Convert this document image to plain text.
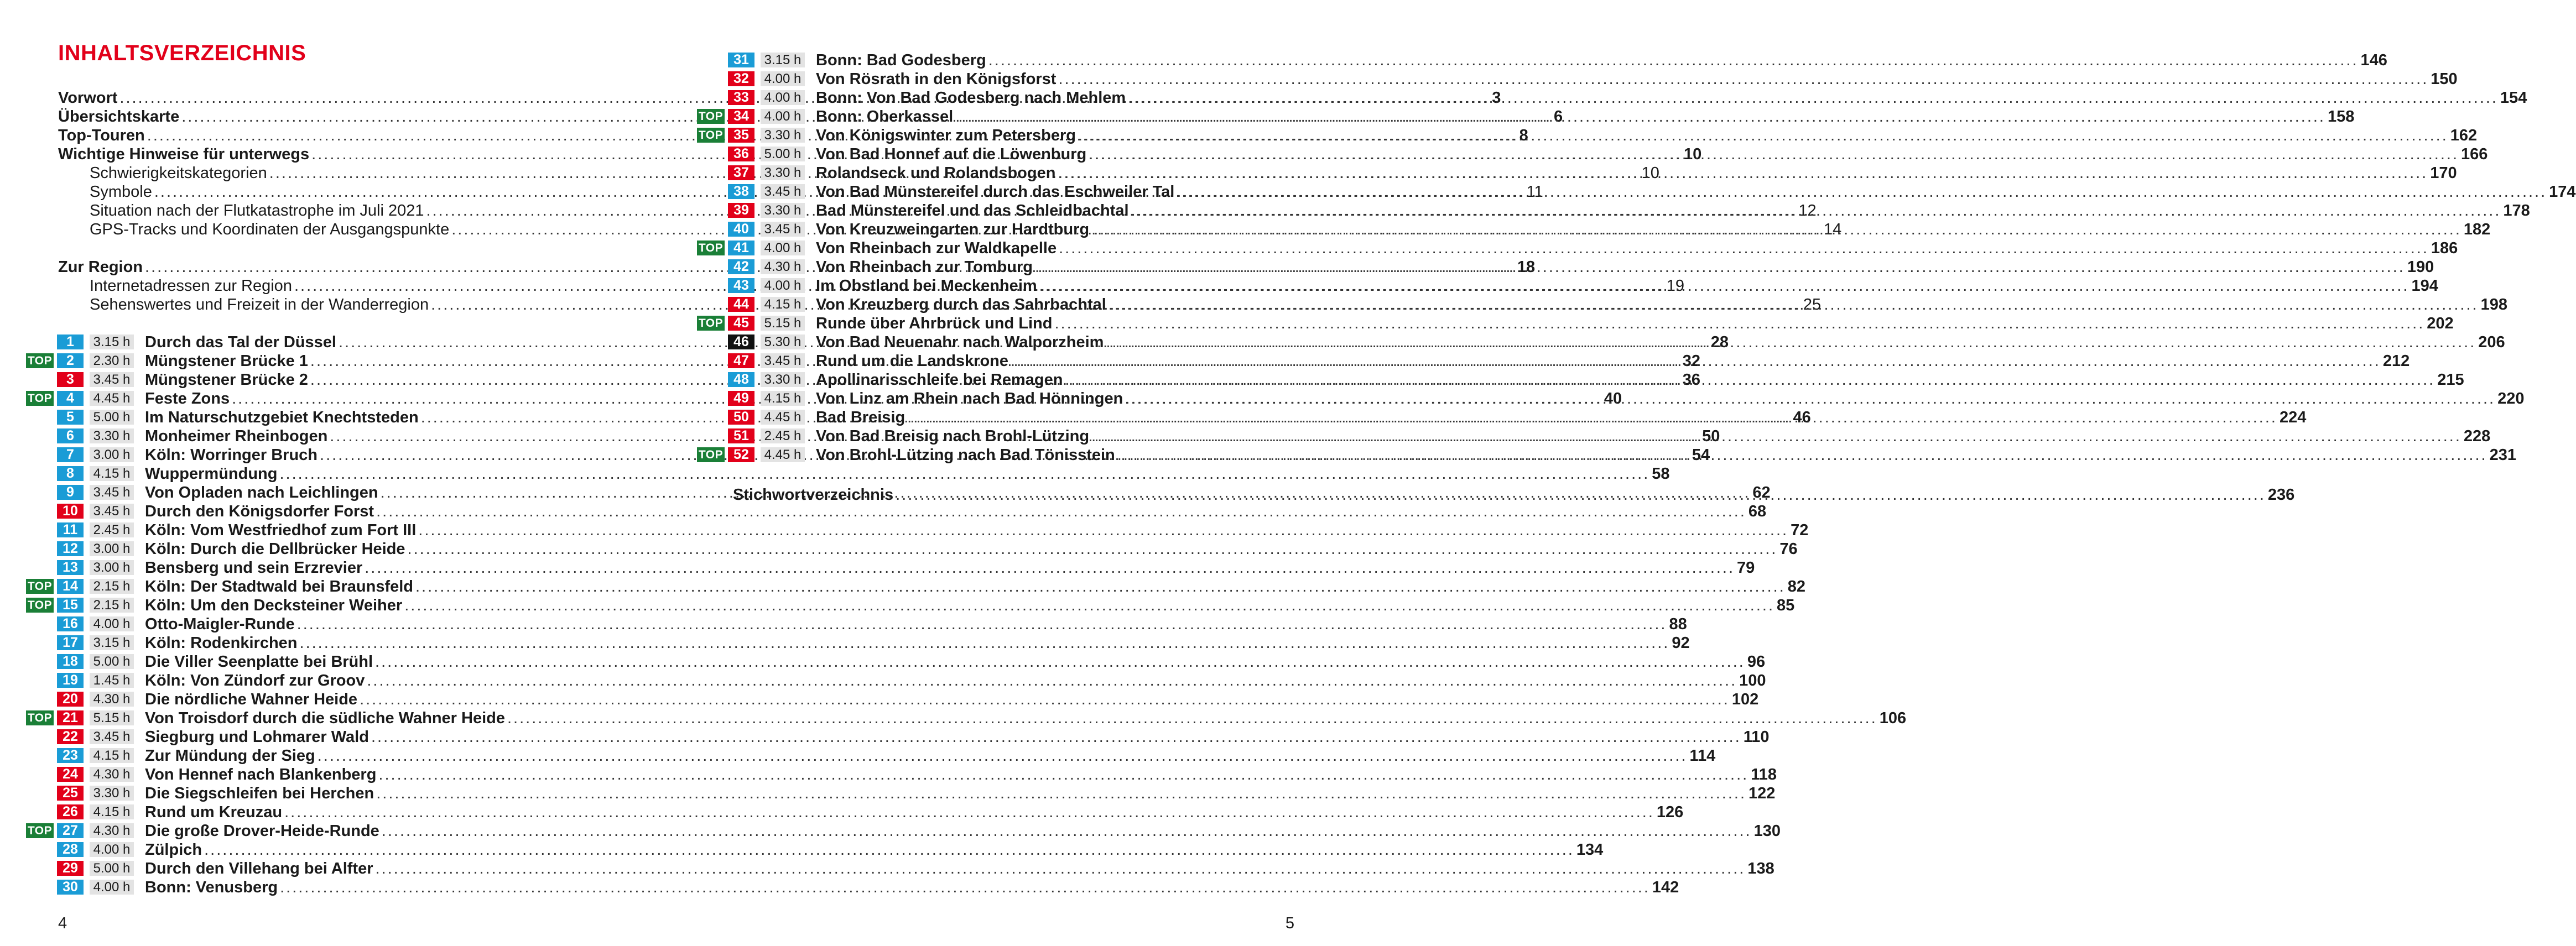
INHALTSVERZEICHNIS
Vorwort .....	3
Übersichtskarte .....	6
Top-Touren .....	8
Wichtige Hinweise für unterwegs .....	10
Schwierigkeitskategorien .....	10
Symbole .....	11
Situation nach der Flutkatastrophe im Juli 2021 .....	12
GPS-Tracks und Koordinaten der Ausgangspunkte .....	14
Zur Region .....	18
Internetadressen zur Region .....	19
Sehenswertes und Freizeit in der Wanderregion .....	25
1	3.15 h Durch das Tal der Düssel .....	28
TOP	2	2.30 h Müngstener Brücke 1 .....	32
3	3.45 h Müngstener Brücke 2 .....	36
TOP	4	4.45 h Feste Zons .....	40
5	5.00 h Im Naturschutzgebiet Knechtsteden .....	46
6	3.30 h Monheimer Rheinbogen .....	50
7	3.00 h Köln: Worringer Bruch .....	54
8	4.15 h Wuppermündung .....	58
9	3.45 h Von Opladen nach Leichlingen .....	62
10	3.45 h Durch den Königsdorfer Forst .....	68
11	2.45 h Köln: Vom Westfriedhof zum Fort III .....	72
12	3.00 h Köln: Durch die Dellbrücker Heide .....	76
13	3.00 h Bensberg und sein Erzrevier .....	79
TOP 14	2.15 h Köln: Der Stadtwald bei Braunsfeld .....	82
TOP 15	2.15 h Köln: Um den Decksteiner Weiher .....	85
16	4.00 h Otto-Maigler-Runde .....	88
17	3.15 h Köln: Rodenkirchen .....	92
18	5.00 h Die Viller Seenplatte bei Brühl .....	96
19	1.45 h Köln: Von Zündorf zur Groov .....	100
20	4.30 h Die nördliche Wahner Heide .....	102
TOP 21	5.15 h Von Troisdorf durch die südliche Wahner Heide .....	106
22	3.45 h Siegburg und Lohmarer Wald .....	110
23	4.15 h Zur Mündung der Sieg .....	114
24	4.30 h Von Hennef nach Blankenberg .....	118
25	3.30 h Die Siegschleifen bei Herchen .....	122
26	4.15 h Rund um Kreuzau .....	126
TOP 27	4.30 h Die große Drover-Heide-Runde .....	130
28	4.00 h Zülpich .....	134
29	5.00 h Durch den Villehang bei Alfter .....	138
30	4.00 h Bonn: Venusberg .....	142
4
31	3.15 h Bonn: Bad Godesberg .....	146
32	4.00 h Von Rösrath in den Königsforst .....	150
33	4.00 h Bonn: Von Bad Godesberg nach Mehlem .....	154
TOP 34	4.00 h Bonn: Oberkassel .....	158
TOP 35	3.30 h Von Königswinter zum Petersberg .....	162
36	5.00 h Von Bad Honnef auf die Löwenburg .....	166
37	3.30 h Rolandseck und Rolandsbogen .....	170
38	3.45 h Von Bad Münstereifel durch das Eschweiler Tal .....	174
39	3.30 h Bad Münstereifel und das Schleidbachtal .....	178
40	3.45 h Von Kreuzweingarten zur Hardtburg .....	182
TOP 41	4.00 h Von Rheinbach zur Waldkapelle .....	186
42	4.30 h Von Rheinbach zur Tomburg .....	190
43	4.00 h Im Obstland bei Meckenheim .....	194
44	4.15 h Von Kreuzberg durch das Sahrbachtal .....	198
TOP 45	5.15 h Runde über Ahrbrück und Lind .....	202
46	5.30 h Von Bad Neuenahr nach Walporzheim .....	206
47	3.45 h Rund um die Landskrone .....	212
48	3.30 h Apollinarisschleife bei Remagen .....	215
49	4.15 h Von Linz am Rhein nach Bad Hönningen .....	220
50	4.45 h Bad Breisig .....	224
51	2.45 h Von Bad Breisig nach Brohl-Lützing .....	228
TOP 52	4.45 h Von Brohl-Lützing nach Bad Tönisstein .....	231
Stichwortverzeichnis .....	236
5
